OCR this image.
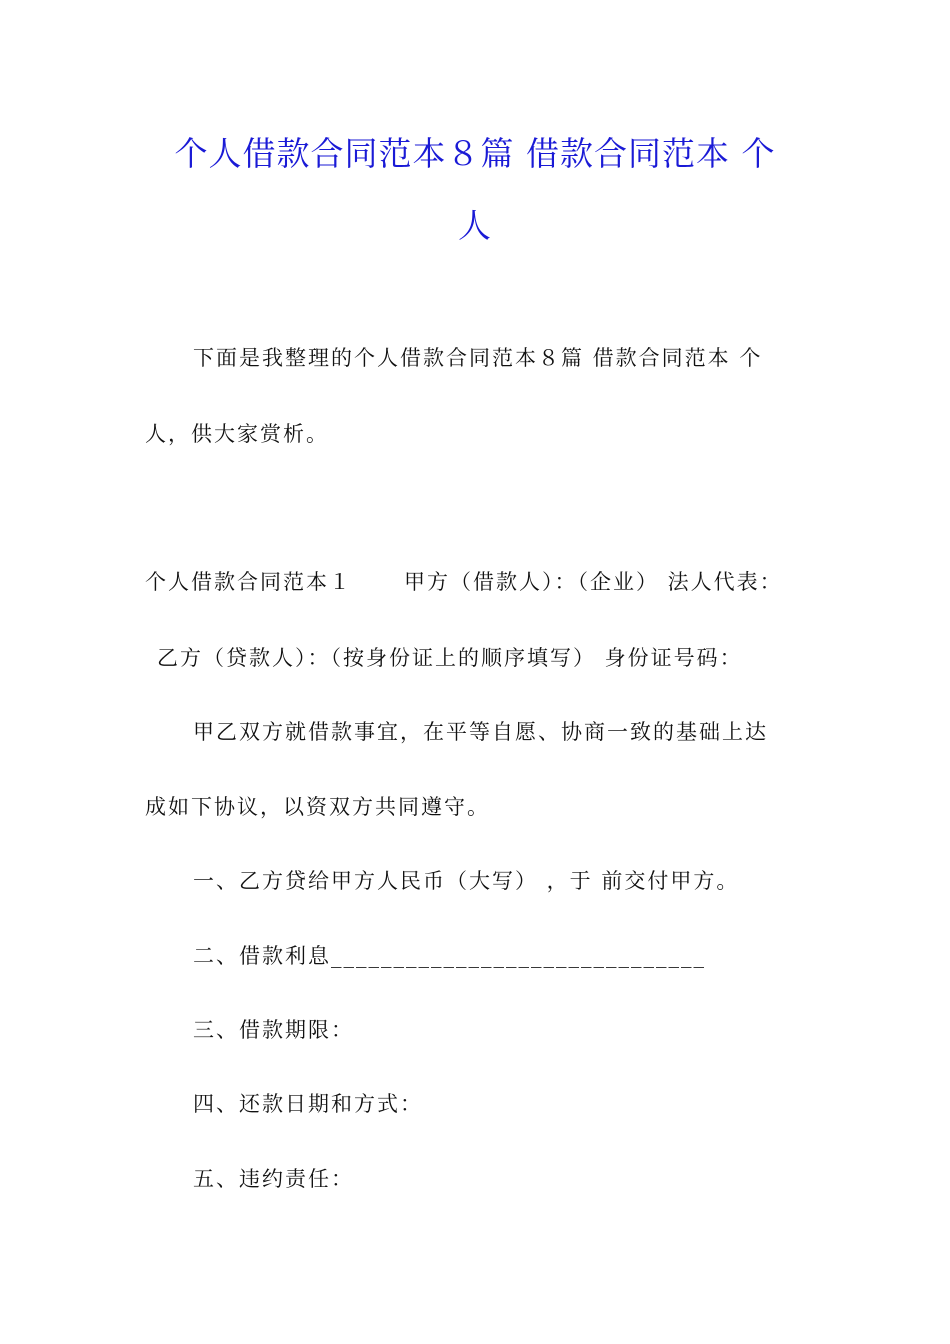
个人借款合同范本８篇 借款合同范本 个
人
下面是我整理的个人借款合同范本８篇 借款合同范本 个
人，供大家赏析。
个人借款合同范本１ 甲方（借款人）：（企业） 法人代表：
乙方（贷款人）：（按身份证上的顺序填写） 身份证号码：
甲乙双方就借款事宜，在平等自愿、协商一致的基础上达
成如下协议，以资双方共同遵守。
一、乙方贷给甲方人民币（大写） ，于 前交付甲方。
二、借款利息______________________________
三、借款期限：
四、还款日期和方式：
五、违约责任：
